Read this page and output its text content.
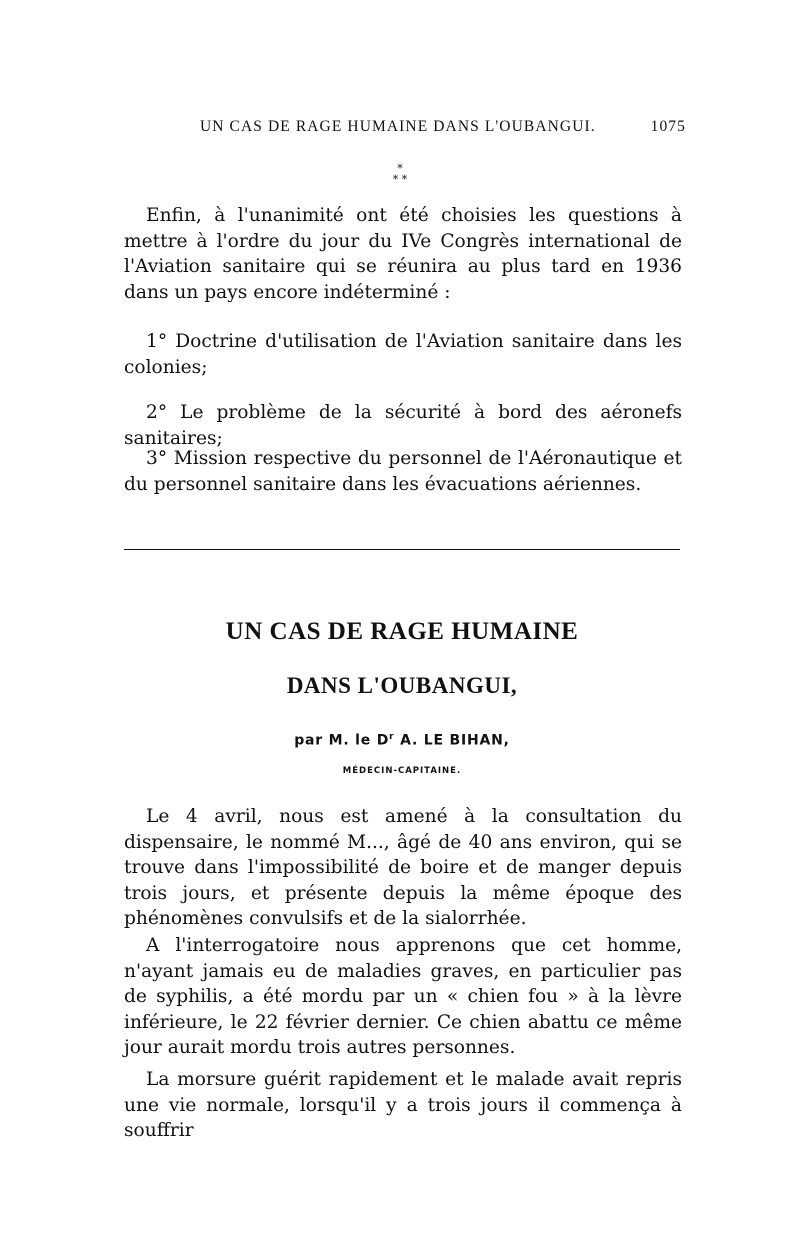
UN CAS DE RAGE HUMAINE DANS L'OUBANGUI.	1075
*
* *

Enfin, à l'unanimité ont été choisies les questions à mettre à l'ordre du jour du IVe Congrès international de l'Aviation sanitaire qui se réunira au plus tard en 1936 dans un pays encore indéterminé :

1° Doctrine d'utilisation de l'Aviation sanitaire dans les colonies;

2° Le problème de la sécurité à bord des aéronefs sanitaires;

3° Mission respective du personnel de l'Aéronautique et du personnel sanitaire dans les évacuations aériennes.

UN CAS DE RAGE HUMAINE
DANS L'OUBANGUI,
par M. le $D^r$ A. LE BIHAN,
MÉDECIN-CAPITAINE.

Le 4 avril, nous est amené à la consultation du dispensaire, le nommé M..., âgé de 40 ans environ, qui se trouve dans l'impossibilité de boire et de manger depuis trois jours, et présente depuis la même époque des phénomènes convulsifs et de la sialorrhée.

A l'interrogatoire nous apprenons que cet homme, n'ayant jamais eu de maladies graves, en particulier pas de syphilis, a été mordu par un « chien fou » à la lèvre inférieure, le 22 février dernier. Ce chien abattu ce même jour aurait mordu trois autres personnes.

La morsure guérit rapidement et le malade avait repris une vie normale, lorsqu'il y a trois jours il commença à souffrir
